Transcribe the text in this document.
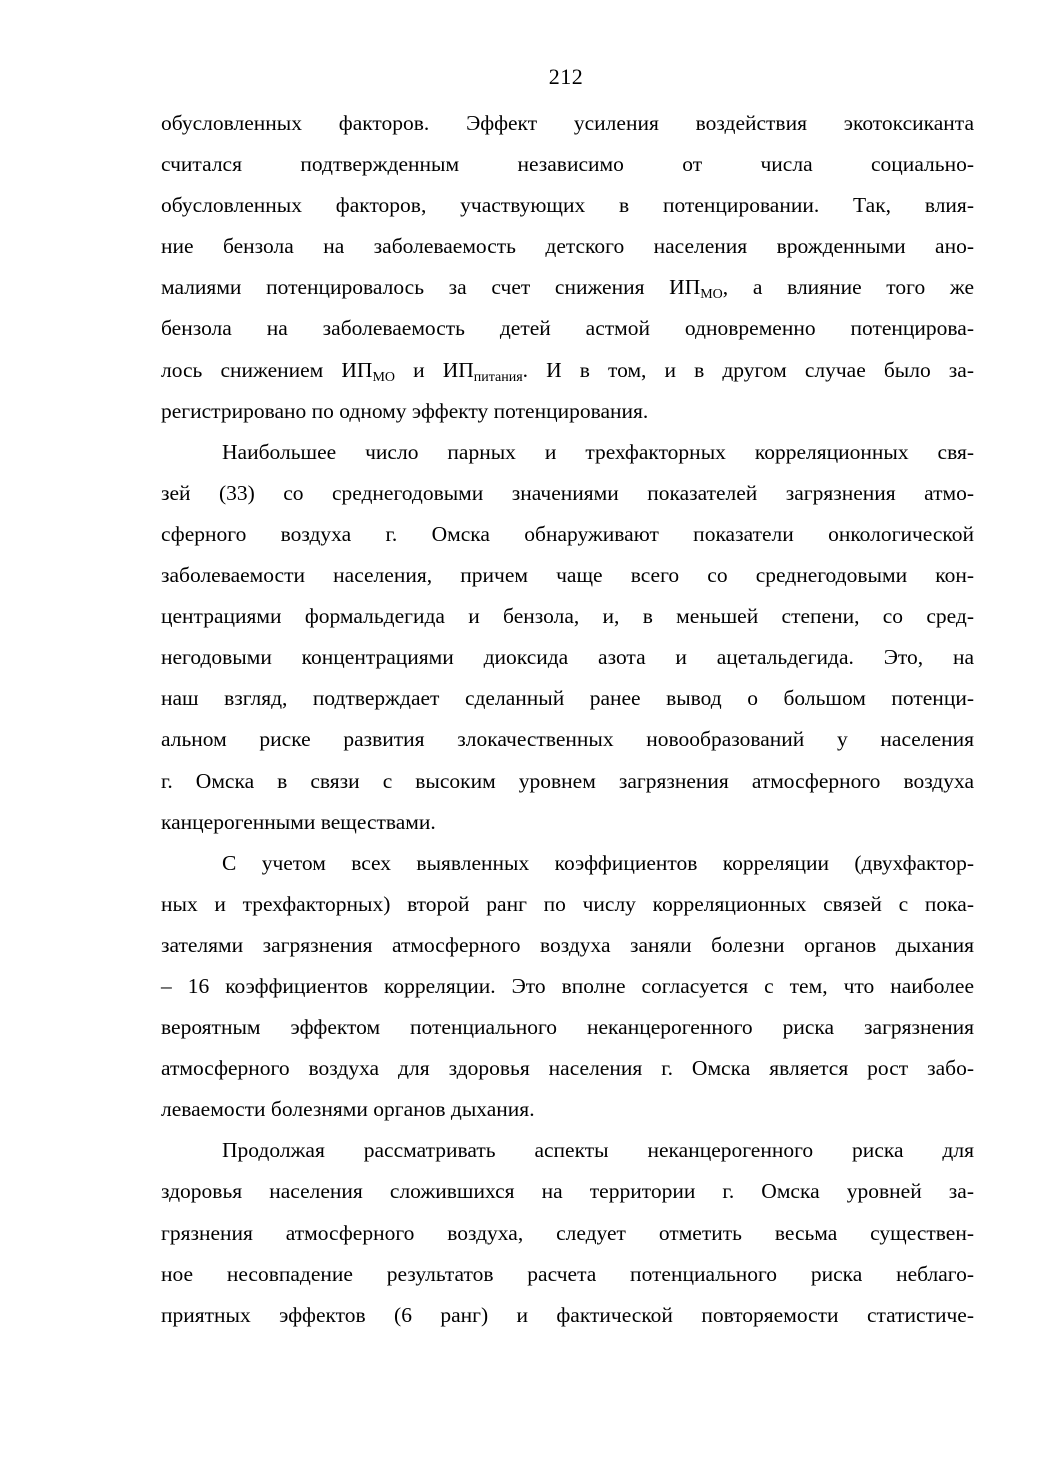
212
обусловленных факторов. Эффект усиления воздействия экотоксиканта
считался подтвержденным независимо от числа социально-
обусловленных факторов, участвующих в потенцировании. Так, влия-
ние бензола на заболеваемость детского населения врожденными ано-
малиями потенцировалось за счет снижения $ИП_{МО}$, а влияние того же
бензола на заболеваемость детей астмой одновременно потенцирова-
лось снижением $ИП_{МО}$ и $ИП_{питания}$. И в том, и в другом случае было за-
регистрировано по одному эффекту потенцирования.
Наибольшее число парных и трехфакторных корреляционных свя-
зей (33) со среднегодовыми значениями показателей загрязнения атмо-
сферного воздуха г. Омска обнаруживают показатели онкологической
заболеваемости населения, причем чаще всего со среднегодовыми кон-
центрациями формальдегида и бензола, и, в меньшей степени, со сред-
негодовыми концентрациями диоксида азота и ацетальдегида. Это, на
наш взгляд, подтверждает сделанный ранее вывод о большом потенци-
альном риске развития злокачественных новообразований у населения
г. Омска в связи с высоким уровнем загрязнения атмосферного воздуха
канцерогенными веществами.
С учетом всех выявленных коэффициентов корреляции (двухфактор-
ных и трехфакторных) второй ранг по числу корреляционных связей с пока-
зателями загрязнения атмосферного воздуха заняли болезни органов дыхания
– 16 коэффициентов корреляции. Это вполне согласуется с тем, что наиболее
вероятным эффектом потенциального неканцерогенного риска загрязнения
атмосферного воздуха для здоровья населения г. Омска является рост забо-
леваемости болезнями органов дыхания.
Продолжая рассматривать аспекты неканцерогенного риска для
здоровья населения сложившихся на территории г. Омска уровней за-
грязнения атмосферного воздуха, следует отметить весьма существен-
ное несовпадение результатов расчета потенциального риска неблаго-
приятных эффектов (6 ранг) и фактической повторяемости статистиче-
